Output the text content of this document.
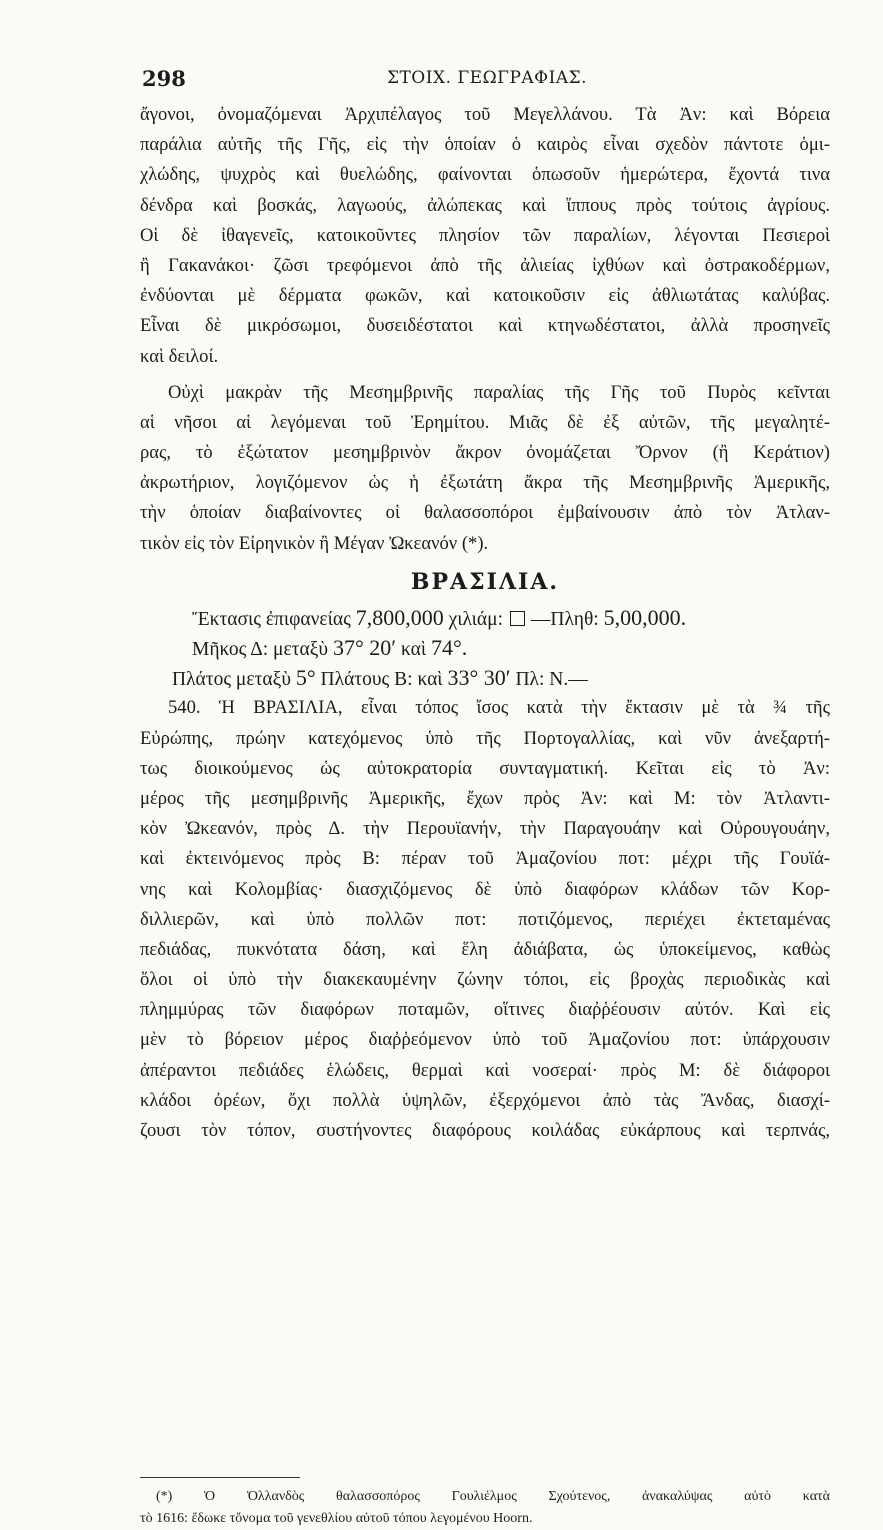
298	ΣΤΟΙΧ. ΓΕΩΓΡΑΦΙΑΣ.
ἄγονοι, ὀνομαζόμεναι Ἀρχιπέλαγος τοῦ Μεγελλάνου. Τὰ Ἀν: καὶ Βόρεια
παράλια αὐτῆς τῆς Γῆς, εἰς τὴν ὁποίαν ὁ καιρὸς εἶναι σχεδὸν πάντοτε ὁμι-
χλώδης, ψυχρὸς καὶ θυελώδης, φαίνονται ὁπωσοῦν ἡμερώτερα, ἔχοντά τινα
δένδρα καὶ βοσκάς, λαγωούς, ἀλώπεκας καὶ ἵππους πρὸς τούτοις ἀγρίους.
Οἱ δὲ ἰθαγενεῖς, κατοικοῦντες πλησίον τῶν παραλίων, λέγονται Πεσιεροὶ
ἢ Γακανάκοι· ζῶσι τρεφόμενοι ἀπὸ τῆς ἀλιείας ἰχθύων καὶ ὀστρακοδέρμων,
ἐνδύονται μὲ δέρματα φωκῶν, καὶ κατοικοῦσιν εἰς ἀθλιωτάτας καλύβας.
Εἶναι δὲ μικρόσωμοι, δυσειδέστατοι καὶ κτηνωδέστατοι, ἀλλὰ προσηνεῖς
καὶ δειλοί.
Οὐχὶ μακρὰν τῆς Μεσημβρινῆς παραλίας τῆς Γῆς τοῦ Πυρὸς κεῖνται
αἱ νῆσοι αἱ λεγόμεναι τοῦ Ἐρημίτου. Μιᾶς δὲ ἐξ αὐτῶν, τῆς μεγαλητέ-
ρας, τὸ ἐξώτατον μεσημβρινὸν ἄκρον ὀνομάζεται Ὄρνον (ἢ Κεράτιον)
ἀκρωτήριον, λογιζόμενον ὡς ἡ ἐξωτάτη ἄκρα τῆς Μεσημβρινῆς Ἀμερικῆς,
τὴν ὁποίαν διαβαίνοντες οἱ θαλασσοπόροι ἐμβαίνουσιν ἀπὸ τὸν Ἀτλαν-
τικὸν εἰς τὸν Εἰρηνικὸν ἢ Μέγαν Ὠκεανόν (*).
ΒΡΑΣΙΛΙΑ.
Ἔκτασις ἐπιφανείας 7,800,000 χιλιάμ: —Πληθ: 5,00,000.
Μῆκος Δ: μεταξὺ 37° 20′ καὶ 74°.
Πλάτος μεταξὺ 5° Πλάτους Β: καὶ 33° 30′ Πλ: Ν.—
540. Ἡ ΒΡΑΣΙΛΙΑ, εἶναι τόπος ἴσος κατὰ τὴν ἔκτασιν μὲ τὰ ¾ τῆς
Εὐρώπης, πρώην κατεχόμενος ὑπὸ τῆς Πορτογαλλίας, καὶ νῦν ἀνεξαρτή-
τως διοικούμενος ὡς αὐτοκρατορία συνταγματική. Κεῖται εἰς τὸ Ἀν:
μέρος τῆς μεσημβρινῆς Ἀμερικῆς, ἔχων πρὸς Ἀν: καὶ Μ: τὸν Ἀτλαντι-
κὸν Ὠκεανόν, πρὸς Δ. τὴν Περουϊανήν, τὴν Παραγουάην καὶ Οὐρουγουάην,
καὶ ἐκτεινόμενος πρὸς Β: πέραν τοῦ Ἀμαζονίου ποτ: μέχρι τῆς Γουϊά-
νης καὶ Κολομβίας· διασχιζόμενος δὲ ὑπὸ διαφόρων κλάδων τῶν Κορ-
διλλιερῶν, καὶ ὑπὸ πολλῶν ποτ: ποτιζόμενος, περιέχει ἐκτεταμένας
πεδιάδας, πυκνότατα δάση, καὶ ἕλη ἀδιάβατα, ὡς ὑποκείμενος, καθὼς
ὅλοι οἱ ὑπὸ τὴν διακεκαυμένην ζώνην τόποι, εἰς βροχὰς περιοδικὰς καὶ
πλημμύρας τῶν διαφόρων ποταμῶν, οἵτινες διαῤῥέουσιν αὐτόν. Καὶ εἰς
μὲν τὸ βόρειον μέρος διαῤῥεόμενον ὑπὸ τοῦ Ἀμαζονίου ποτ: ὑπάρχουσιν
ἀπέραντοι πεδιάδες ἑλώδεις, θερμαὶ καὶ νοσεραί· πρὸς Μ: δὲ διάφοροι
κλάδοι ὀρέων, ὄχι πολλὰ ὑψηλῶν, ἐξερχόμενοι ἀπὸ τὰς Ἄνδας, διασχί-
ζουσι τὸν τόπον, συστήνοντες διαφόρους κοιλάδας εὐκάρπους καὶ τερπνάς,
(*) Ὁ Ὀλλανδὸς θαλασσοπόρος Γουλιέλμος Σχούτενος, ἀνακαλύψας αὐτὸ κατὰ
τὸ 1616: ἔδωκε τὄνομα τοῦ γενεθλίου αὐτοῦ τόπου λεγομένου Hoorn.
